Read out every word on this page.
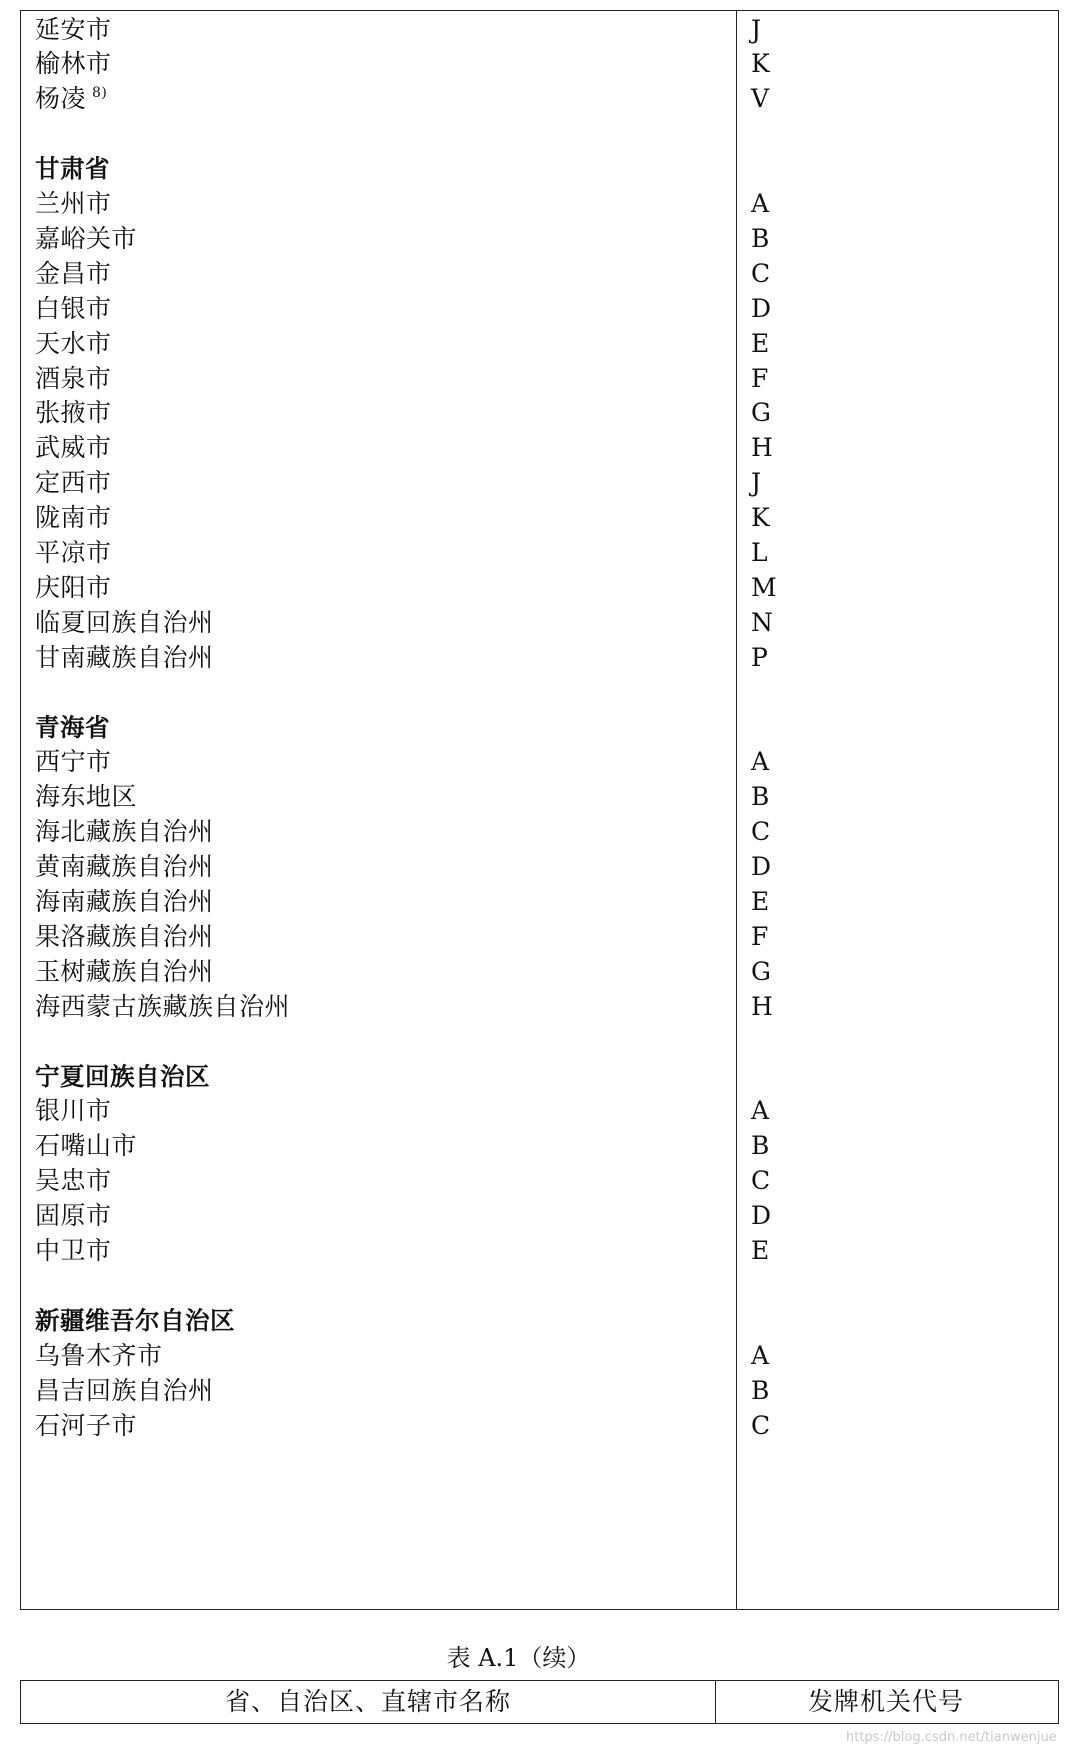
延安市	J
榆林市	K
杨凌 $^{8)}$	V
甘肃省
兰州市	A
嘉峪关市	B
金昌市	C
白银市	D
天水市	E
酒泉市	F
张掖市	G
武威市	H
定西市	J
陇南市	K
平凉市	L
庆阳市	M
临夏回族自治州	N
甘南藏族自治州	P
青海省
西宁市	A
海东地区	B
海北藏族自治州	C
黄南藏族自治州	D
海南藏族自治州	E
果洛藏族自治州	F
玉树藏族自治州	G
海西蒙古族藏族自治州	H
宁夏回族自治区
银川市	A
石嘴山市	B
吴忠市	C
固原市	D
中卫市	E
新疆维吾尔自治区
乌鲁木齐市	A
昌吉回族自治州	B
石河子市	C
表 A.1（续）
省、自治区、直辖市名称	发牌机关代号
https://blog.csdn.net/tianwenjue
